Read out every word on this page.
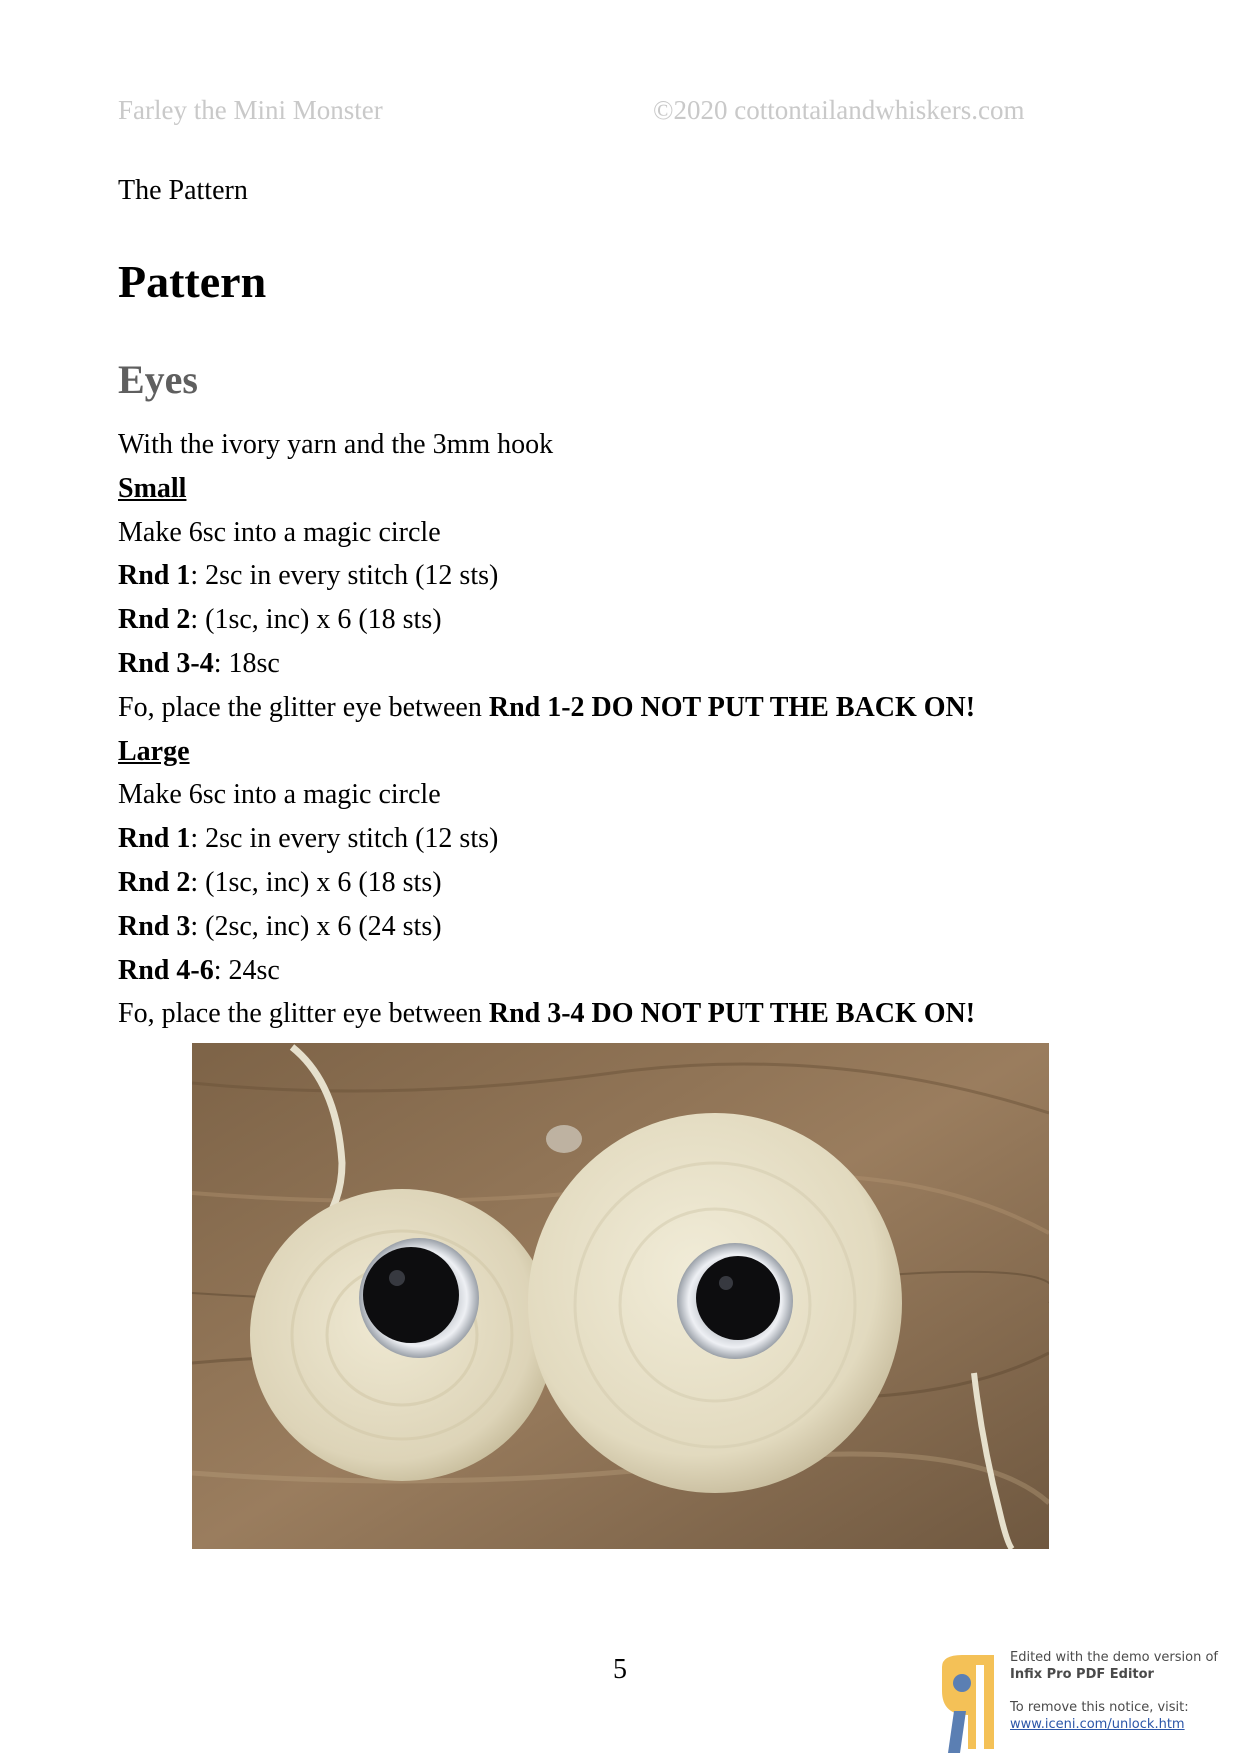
Farley the Mini Monster	©2020 cottontailandwhiskers.com
The Pattern
Pattern
Eyes
With the ivory yarn and the 3mm hook
Small
Make 6sc into a magic circle
Rnd 1: 2sc in every stitch (12 sts)
Rnd 2: (1sc, inc) x 6 (18 sts)
Rnd 3-4: 18sc
Fo, place the glitter eye between Rnd 1-2 DO NOT PUT THE BACK ON!
Large
Make 6sc into a magic circle
Rnd 1: 2sc in every stitch (12 sts)
Rnd 2: (1sc, inc) x 6 (18 sts)
Rnd 3: (2sc, inc) x 6 (24 sts)
Rnd 4-6: 24sc
Fo, place the glitter eye between Rnd 3-4 DO NOT PUT THE BACK ON!
5	Edited with the demo version of
Infix Pro PDF Editor
To remove this notice, visit:
www.iceni.com/unlock.htm
